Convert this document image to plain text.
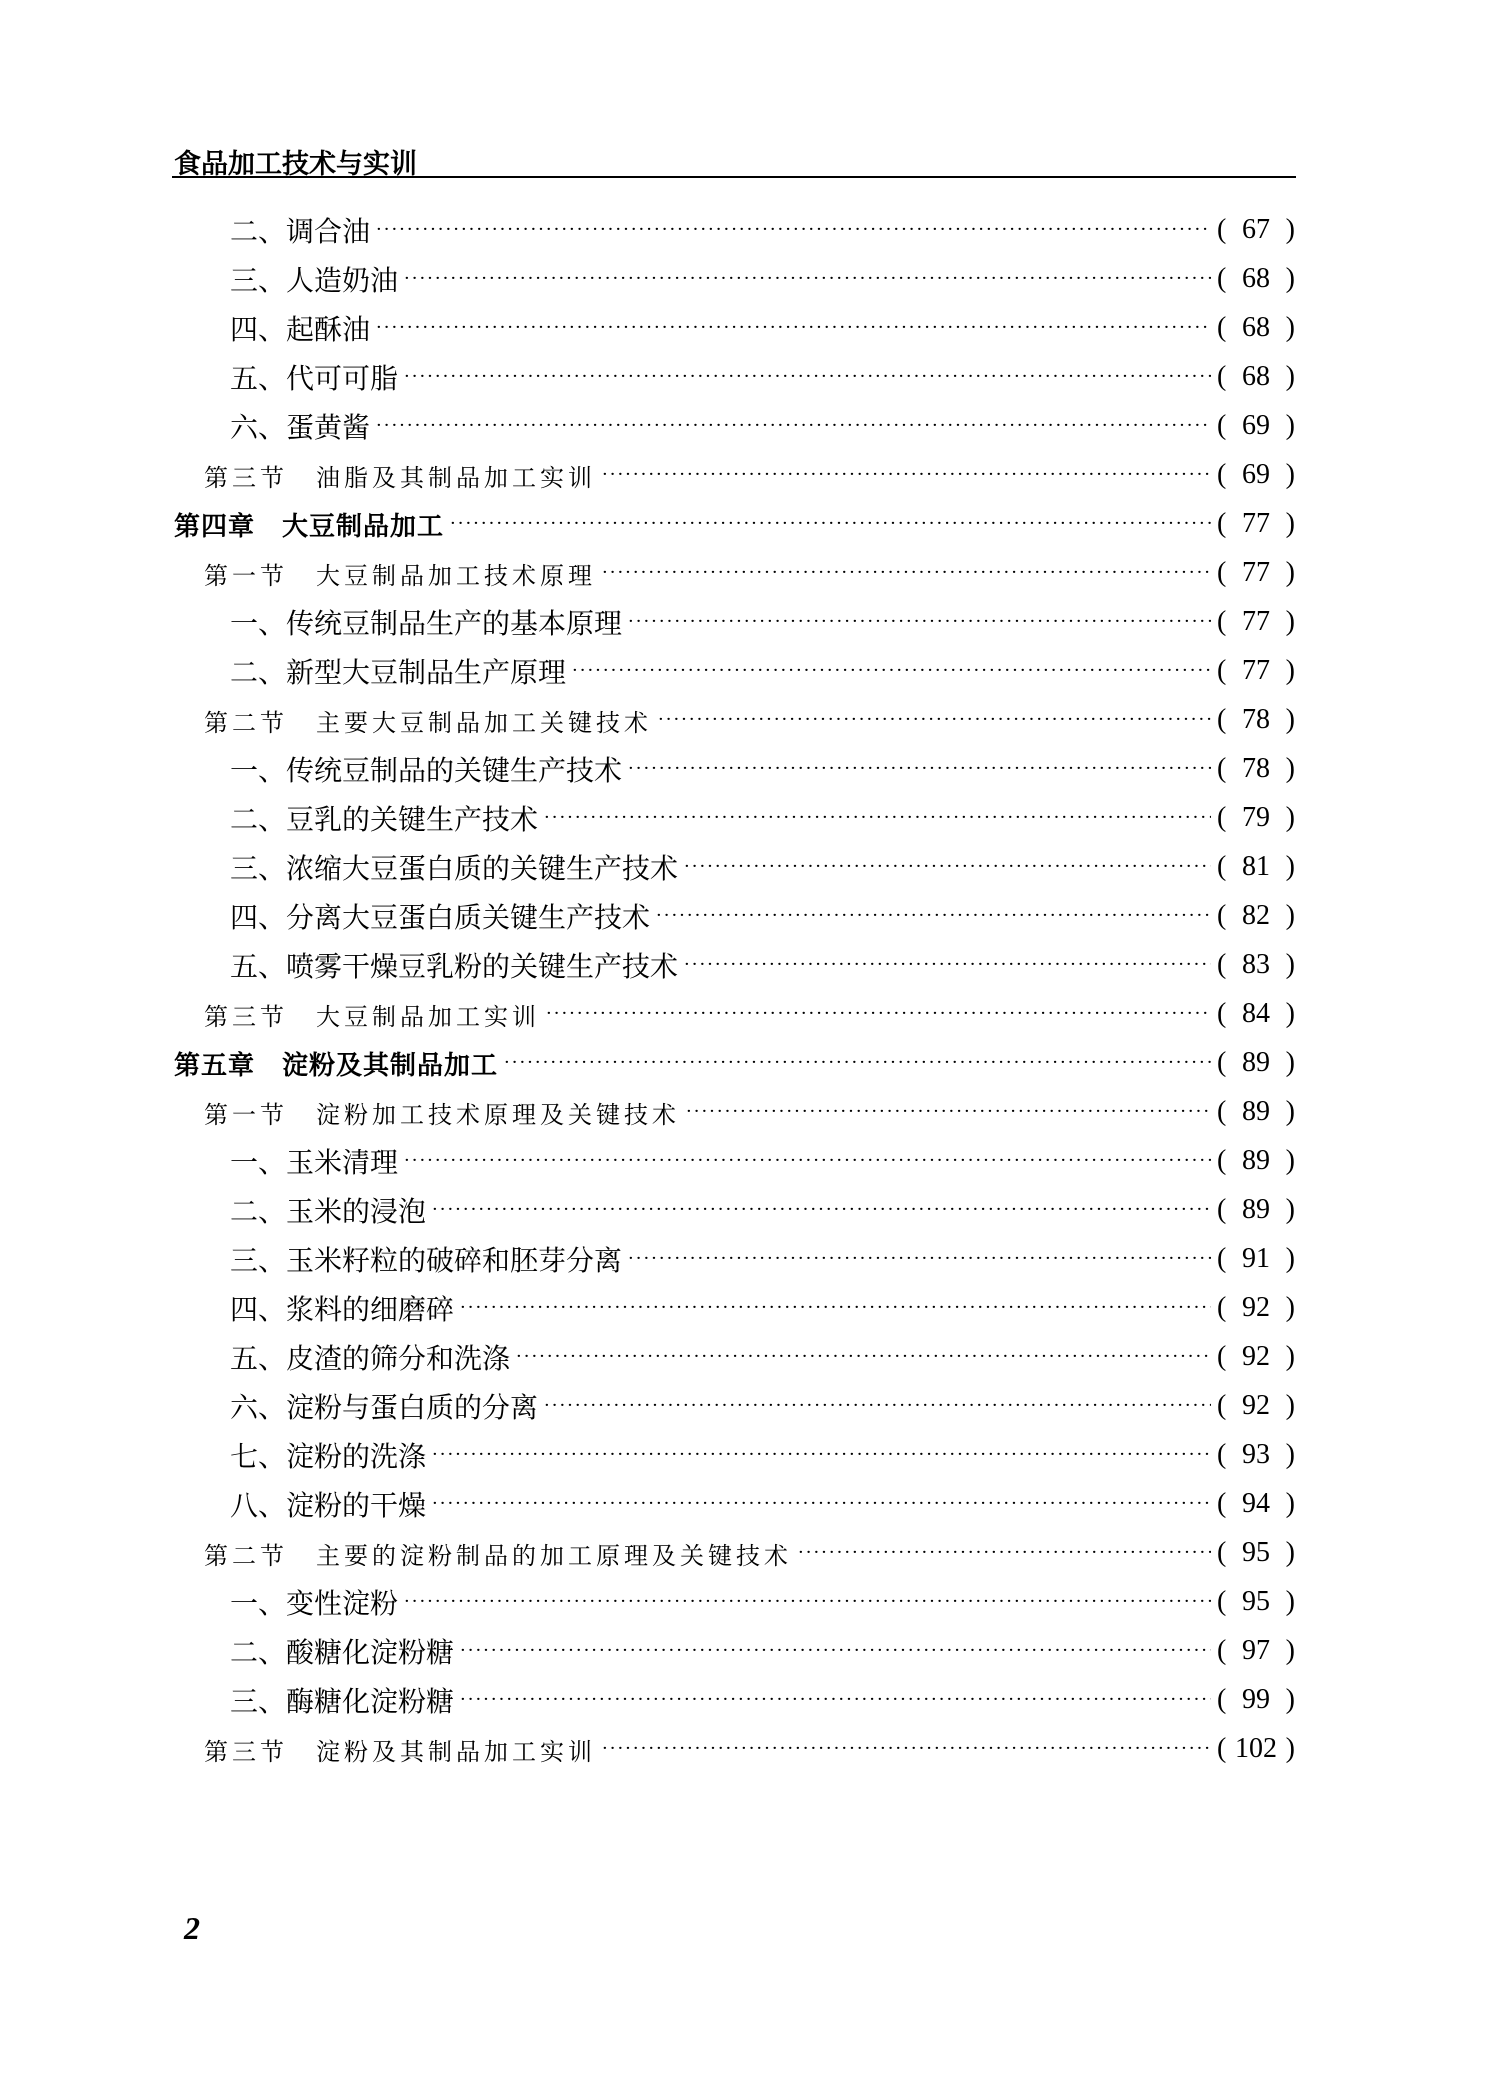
食品加工技术与实训
二、调合油 ·····	( 67 )
三、人造奶油 ·····	( 68 )
四、起酥油 ·····	( 68 )
五、代可可脂 ·····	( 68 )
六、蛋黄酱 ·····	( 69 )
第三节　油脂及其制品加工实训 ·····	( 69 )
第四章　大豆制品加工 ·····	( 77 )
第一节　大豆制品加工技术原理 ·····	( 77 )
一、传统豆制品生产的基本原理 ·····	( 77 )
二、新型大豆制品生产原理 ·····	( 77 )
第二节　主要大豆制品加工关键技术 ·····	( 78 )
一、传统豆制品的关键生产技术 ·····	( 78 )
二、豆乳的关键生产技术 ·····	( 79 )
三、浓缩大豆蛋白质的关键生产技术 ·····	( 81 )
四、分离大豆蛋白质关键生产技术 ·····	( 82 )
五、喷雾干燥豆乳粉的关键生产技术 ·····	( 83 )
第三节　大豆制品加工实训 ·····	( 84 )
第五章　淀粉及其制品加工 ·····	( 89 )
第一节　淀粉加工技术原理及关键技术 ·····	( 89 )
一、玉米清理 ·····	( 89 )
二、玉米的浸泡 ·····	( 89 )
三、玉米籽粒的破碎和胚芽分离 ·····	( 91 )
四、浆料的细磨碎 ·····	( 92 )
五、皮渣的筛分和洗涤 ·····	( 92 )
六、淀粉与蛋白质的分离 ·····	( 92 )
七、淀粉的洗涤 ·····	( 93 )
八、淀粉的干燥 ·····	( 94 )
第二节　主要的淀粉制品的加工原理及关键技术 ·····	( 95 )
一、变性淀粉 ·····	( 95 )
二、酸糖化淀粉糖 ·····	( 97 )
三、酶糖化淀粉糖 ·····	( 99 )
第三节　淀粉及其制品加工实训 ·····	( 102 )
2
